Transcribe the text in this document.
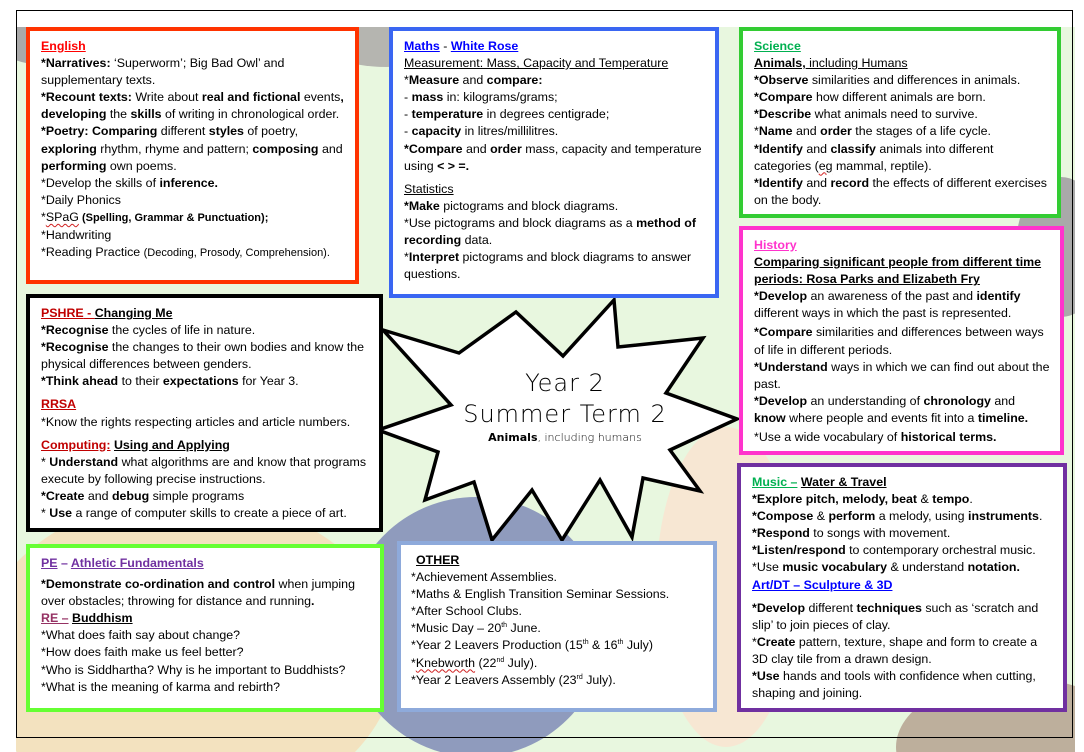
Year 2
Summer Term 2
Animals, including humans

English

*Narratives: ‘Superworm’; Big Bad Owl’ and supplementary texts.

*Recount texts: Write about real and fictional events, developing the skills of writing in chronological order.

*Poetry: Comparing different styles of poetry, exploring rhythm, rhyme and pattern; composing and performing own poems.

*Develop the skills of inference.

*Daily Phonics

*SPaG (Spelling, Grammar & Punctuation);

*Handwriting

*Reading Practice (Decoding, Prosody, Comprehension).

Maths - White Rose

Measurement: Mass, Capacity and Temperature

*Measure and compare:

- mass in: kilograms/grams;

- temperature in degrees centigrade;

- capacity in litres/millilitres.

*Compare and order mass, capacity and temperature using < > =.

Statistics

*Make pictograms and block diagrams.

*Use pictograms and block diagrams as a method of recording data.

*Interpret pictograms and block diagrams to answer questions.

Science

Animals, including Humans

*Observe similarities and differences in animals.

*Compare how different animals are born.

*Describe what animals need to survive.

*Name and order the stages of a life cycle.

*Identify and classify animals into different categories (eg mammal, reptile).

*Identify and record the effects of different exercises on the body.

History

Comparing significant people from different time periods: Rosa Parks and Elizabeth Fry

*Develop an awareness of the past and identify different ways in which the past is represented.

*Compare similarities and differences between ways of life in different periods.

*Understand ways in which we can find out about the past.

*Develop an understanding of chronology and know where people and events fit into a timeline.

*Use a wide vocabulary of historical terms.

PSHRE - Changing Me

*Recognise the cycles of life in nature.

*Recognise the changes to their own bodies and know the physical differences between genders.

*Think ahead to their expectations for Year 3.

RRSA

*Know the rights respecting articles and article numbers.

Computing: Using and Applying

* Understand what algorithms are and know that programs execute by following precise instructions.

*Create and debug simple programs

* Use a range of computer skills to create a piece of art.

Music – Water & Travel

*Explore pitch, melody, beat & tempo.

*Compose & perform a melody, using instruments.

*Respond to songs with movement.

*Listen/respond to contemporary orchestral music.

*Use music vocabulary & understand notation.

Art/DT – Sculpture & 3D

*Develop different techniques such as ‘scratch and slip’ to join pieces of clay.

*Create pattern, texture, shape and form to create a 3D clay tile from a drawn design.

*Use hands and tools with confidence when cutting, shaping and joining.

PE – Athletic Fundamentals

*Demonstrate co-ordination and control when jumping over obstacles; throwing for distance and running.

RE – Buddhism

*What does faith say about change?

*How does faith make us feel better?

*Who is Siddhartha? Why is he important to Buddhists?

*What is the meaning of karma and rebirth?

OTHER

*Achievement Assemblies.

*Maths & English Transition Seminar Sessions.

*After School Clubs.

*Music Day – 20th June.

*Year 2 Leavers Production (15th & 16th July)

*Knebworth (22nd July).

*Year 2 Leavers Assembly (23rd July).
